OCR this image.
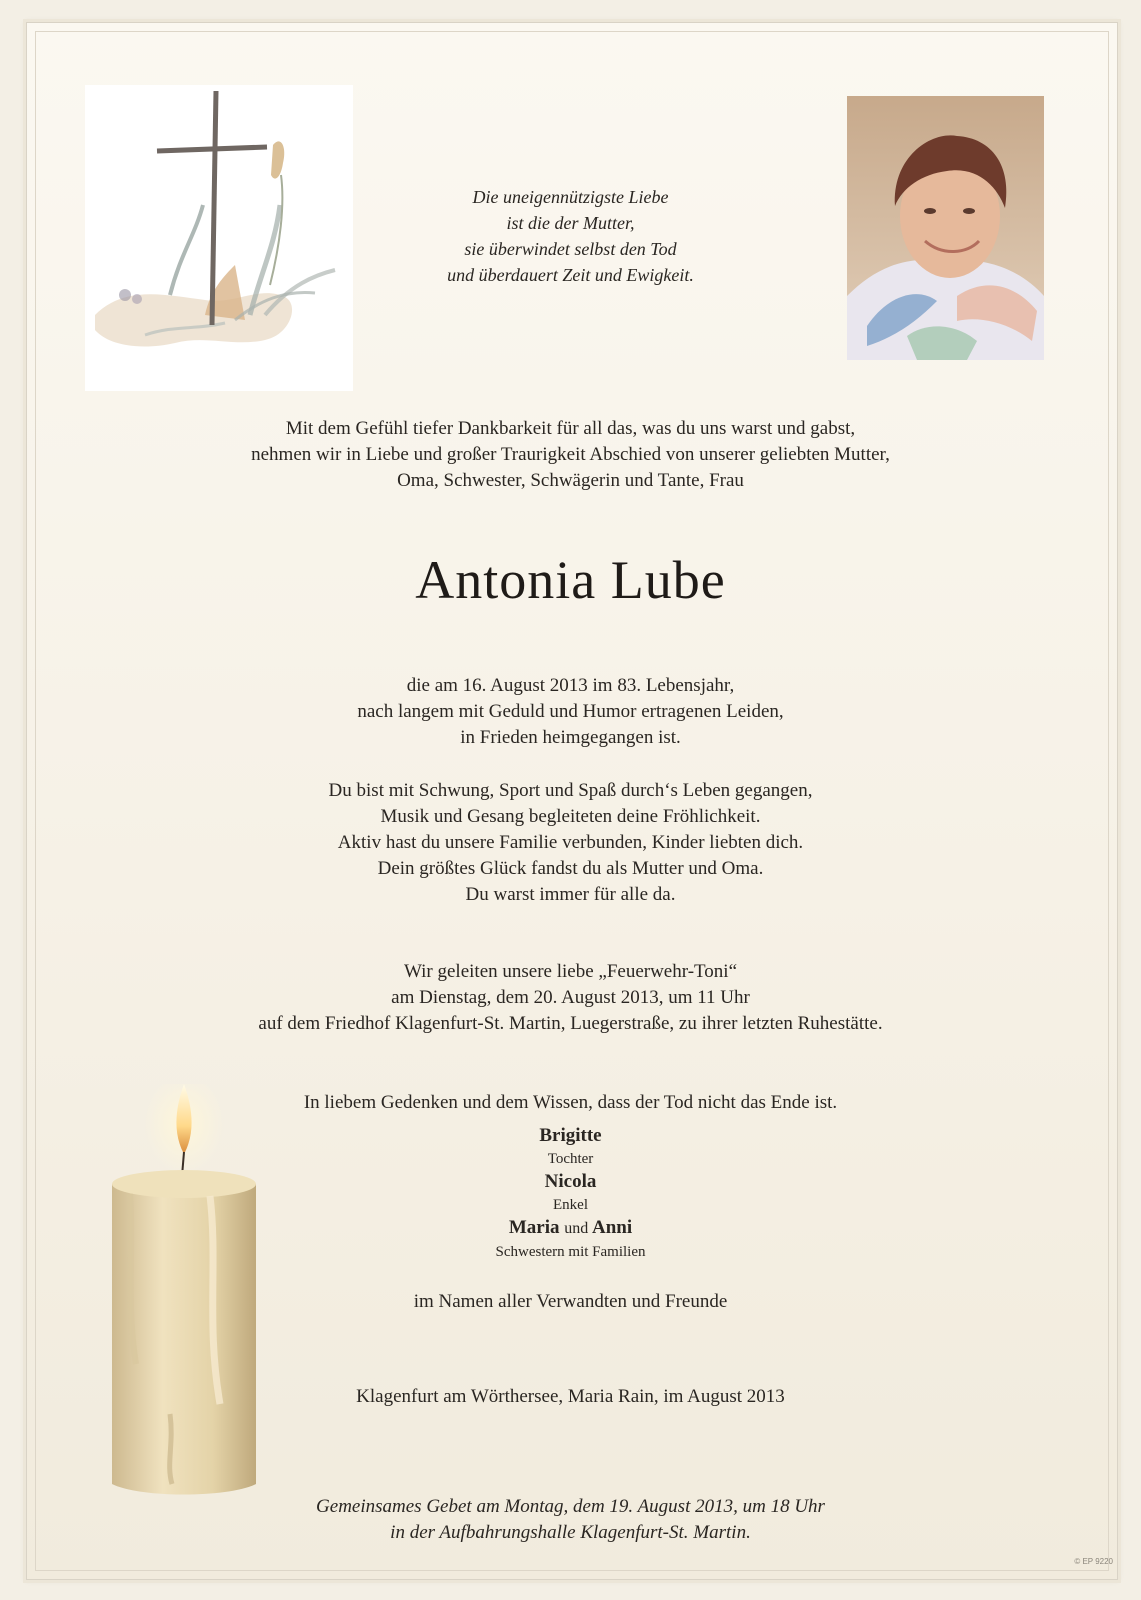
Die uneigennützigste Liebe

ist die der Mutter,

sie überwindet selbst den Tod

und überdauert Zeit und Ewigkeit.

Mit dem Gefühl tiefer Dankbarkeit für all das, was du uns warst und gabst,

nehmen wir in Liebe und großer Traurigkeit Abschied von unserer geliebten Mutter,

Oma, Schwester, Schwägerin und Tante, Frau

Antonia Lube

die am 16. August 2013 im 83. Lebensjahr,

nach langem mit Geduld und Humor ertragenen Leiden,

in Frieden heimgegangen ist.

Du bist mit Schwung, Sport und Spaß durch‘s Leben gegangen,

Musik und Gesang begleiteten deine Fröhlichkeit.

Aktiv hast du unsere Familie verbunden, Kinder liebten dich.

Dein größtes Glück fandst du als Mutter und Oma.

Du warst immer für alle da.

Wir geleiten unsere liebe „Feuerwehr-Toni“

am Dienstag, dem 20. August 2013, um 11 Uhr

auf dem Friedhof Klagenfurt-St. Martin, Luegerstraße, zu ihrer letzten Ruhestätte.

In liebem Gedenken und dem Wissen, dass der Tod nicht das Ende ist.
Brigitte
Tochter
Nicola
Enkel
Maria und Anni
Schwestern mit Familien
im Namen aller Verwandten und Freunde
Klagenfurt am Wörthersee, Maria Rain, im August 2013

Gemeinsames Gebet am Montag, dem 19. August 2013, um 18 Uhr

in der Aufbahrungshalle Klagenfurt-St. Martin.

© EP 9220
